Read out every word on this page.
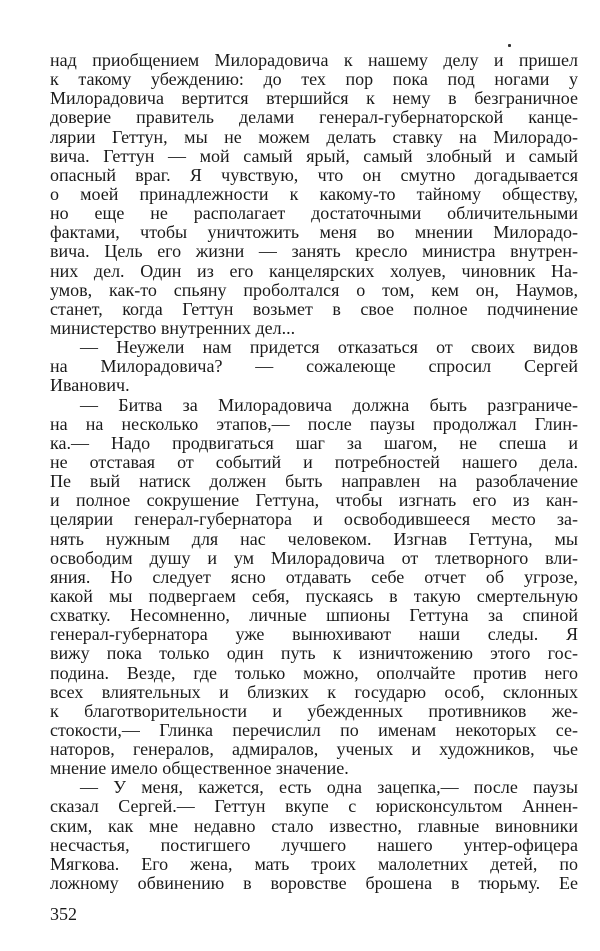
над приобщением Милорадовича к нашему делу и пришел
к такому убеждению: до тех пор пока под ногами у
Милорадовича вертится втершийся к нему в безграничное
доверие правитель делами генерал-губернаторской канце-
лярии Геттун, мы не можем делать ставку на Милорадо-
вича. Геттун — мой самый ярый, самый злобный и самый
опасный враг. Я чувствую, что он смутно догадывается
о моей принадлежности к какому-то тайному обществу,
но еще не располагает достаточными обличительными
фактами, чтобы уничтожить меня во мнении Милорадо-
вича. Цель его жизни — занять кресло министра внутрен-
них дел. Один из его канцелярских холуев, чиновник На-
умов, как-то спьяну проболтался о том, кем он, Наумов,
станет, когда Геттун возьмет в свое полное подчинение
министерство внутренних дел...
— Неужели нам придется отказаться от своих видов
на Милорадовича? — сожалеюще спросил Сергей
Иванович.
— Битва за Милорадовича должна быть разграниче-
на на несколько этапов,— после паузы продолжал Глин-
ка.— Надо продвигаться шаг за шагом, не спеша и
не отставая от событий и потребностей нашего дела.
Пе вый натиск должен быть направлен на разоблачение
и полное сокрушение Геттуна, чтобы изгнать его из кан-
целярии генерал-губернатора и освободившееся место за-
нять нужным для нас человеком. Изгнав Геттуна, мы
освободим душу и ум Милорадовича от тлетворного вли-
яния. Но следует ясно отдавать себе отчет об угрозе,
какой мы подвергаем себя, пускаясь в такую смертельную
схватку. Несомненно, личные шпионы Геттуна за спиной
генерал-губернатора уже вынюхивают наши следы. Я
вижу пока только один путь к изничтожению этого гос-
подина. Везде, где только можно, ополчайте против него
всех влиятельных и близких к государю особ, склонных
к благотворительности и убежденных противников же-
стокости,— Глинка перечислил по именам некоторых се-
наторов, генералов, адмиралов, ученых и художников, чье
мнение имело общественное значение.
— У меня, кажется, есть одна зацепка,— после паузы
сказал Сергей.— Геттун вкупе с юрисконсультом Аннен-
ским, как мне недавно стало известно, главные виновники
несчастья, постигшего лучшего нашего унтер-офицера
Мягкова. Его жена, мать троих малолетних детей, по
ложному обвинению в воровстве брошена в тюрьму. Ее
352
